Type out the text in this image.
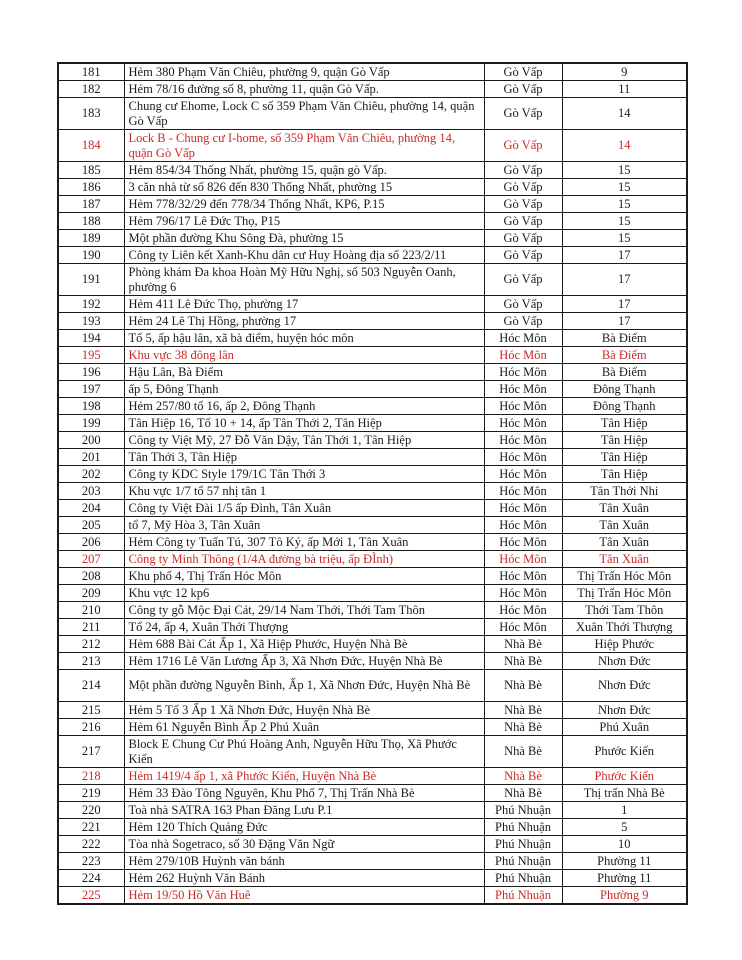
181	Hẻm 380 Phạm Văn Chiêu, phường 9, quận Gò Vấp	Gò Vấp	9
182	Hẻm 78/16 đường số 8, phường 11, quận Gò Vấp.	Gò Vấp	11
183	Chung cư Ehome, Lock C số 359 Phạm Văn Chiêu, phường 14, quận Gò Vấp	Gò Vấp	14
184	Lock B - Chung cư I-home, số 359 Phạm Văn Chiêu, phường 14, quận Gò Vấp	Gò Vấp	14
185	Hẻm 854/34 Thống Nhất, phường 15, quận gò Vấp.	Gò Vấp	15
186	3 căn nhà từ số 826 đến 830 Thống Nhất, phường 15	Gò Vấp	15
187	Hẻm 778/32/29 đến 778/34 Thống Nhất, KP6, P.15	Gò Vấp	15
188	Hẻm 796/17 Lê Đức Thọ, P15	Gò Vấp	15
189	Một phần đường Khu Sông Đà, phường 15	Gò Vấp	15
190	Công ty Liên kết Xanh-Khu dân cư Huy Hoàng địa số 223/2/11	Gò Vấp	17
191	Phòng khám Đa khoa Hoàn Mỹ Hữu Nghị, số 503 Nguyễn Oanh, phường 6	Gò Vấp	17
192	Hẻm 411 Lê Đức Thọ, phường 17	Gò Vấp	17
193	Hẻm 24 Lê Thị Hồng, phường 17	Gò Vấp	17
194	Tổ 5, ấp hậu lân, xã bà điểm, huyện hóc môn	Hóc Môn	Bà Điểm
195	Khu vực 38 đông lân	Hóc Môn	Bà Điểm
196	Hậu Lân, Bà Điểm	Hóc Môn	Bà Điểm
197	ấp 5, Đông Thạnh	Hóc Môn	Đông Thạnh
198	Hẻm 257/80 tổ 16, ấp 2, Đông Thạnh	Hóc Môn	Đông Thạnh
199	Tân Hiệp 16, Tổ 10 + 14, ấp Tân Thới 2, Tân Hiệp	Hóc Môn	Tân Hiệp
200	Công ty Việt Mỹ, 27 Đỗ Văn Dậy, Tân Thới 1, Tân Hiệp	Hóc Môn	Tân Hiệp
201	Tân Thới 3, Tân Hiệp	Hóc Môn	Tân Hiệp
202	Công ty KDC Style 179/1C Tân Thới 3	Hóc Môn	Tân Hiệp
203	Khu vực 1/7 tổ 57 nhị tân 1	Hóc Môn	Tân Thới Nhi
204	Công ty Việt Đài 1/5 ấp Đình, Tân Xuân	Hóc Môn	Tân Xuân
205	tổ 7, Mỹ Hòa 3, Tân Xuân	Hóc Môn	Tân Xuân
206	Hẻm Công ty Tuấn Tú, 307 Tô Ký, ấp Mới 1, Tân Xuân	Hóc Môn	Tân Xuân
207	Công ty Minh Thông (1/4A đường bà triệu, ấp ĐÌnh)	Hóc Môn	Tân Xuân
208	Khu phố 4, Thị Trấn Hóc Môn	Hóc Môn	Thị Trấn Hóc Môn
209	Khu vực 12 kp6	Hóc Môn	Thị Trấn Hóc Môn
210	Công ty gỗ Mộc Đại Cát, 29/14 Nam Thới, Thới Tam Thôn	Hóc Môn	Thới Tam Thôn
211	Tổ 24, ấp 4, Xuân Thới Thượng	Hóc Môn	Xuân Thới Thượng
212	Hẻm 688 Bài Cát Ấp 1, Xã Hiệp Phước, Huyện Nhà Bè	Nhà Bè	Hiệp Phước
213	Hẻm 1716 Lê Văn Lương Ấp 3, Xã Nhơn Đức, Huyện Nhà Bè	Nhà Bè	Nhơn Đức
214	Một phần đường Nguyễn Bình, Ấp 1, Xã Nhơn Đức, Huyện Nhà Bè	Nhà Bè	Nhơn Đức
215	Hẻm 5 Tổ 3 Ấp 1 Xã Nhơn Đức, Huyện Nhà Bè	Nhà Bè	Nhơn Đức
216	Hẻm 61 Nguyễn Bình Ấp 2 Phú Xuân	Nhà Bè	Phú Xuân
217	Block E Chung Cư Phú Hoàng Anh, Nguyễn Hữu Thọ, Xã Phước Kiển	Nhà Bè	Phước Kiển
218	Hẻm 1419/4 ấp 1, xã Phước Kiển, Huyện Nhà Bè	Nhà Bè	Phước Kiển
219	Hẻm 33 Đào Tông Nguyên, Khu Phố 7, Thị Trấn Nhà Bè	Nhà Bè	Thị trấn Nhà Bè
220	Toà nhà SATRA 163 Phan Đăng Lưu P.1	Phú Nhuận	1
221	Hẻm 120 Thích Quảng Đức	Phú Nhuận	5
222	Tòa nhà Sogetraco, số 30 Đặng Văn Ngữ	Phú Nhuận	10
223	Hẻm 279/10B Huỳnh văn bánh	Phú Nhuận	Phường 11
224	Hẻm 262 Huỳnh Văn Bánh	Phú Nhuận	Phường 11
225	Hẻm 19/50 Hồ Văn Huê	Phú Nhuận	Phường 9
